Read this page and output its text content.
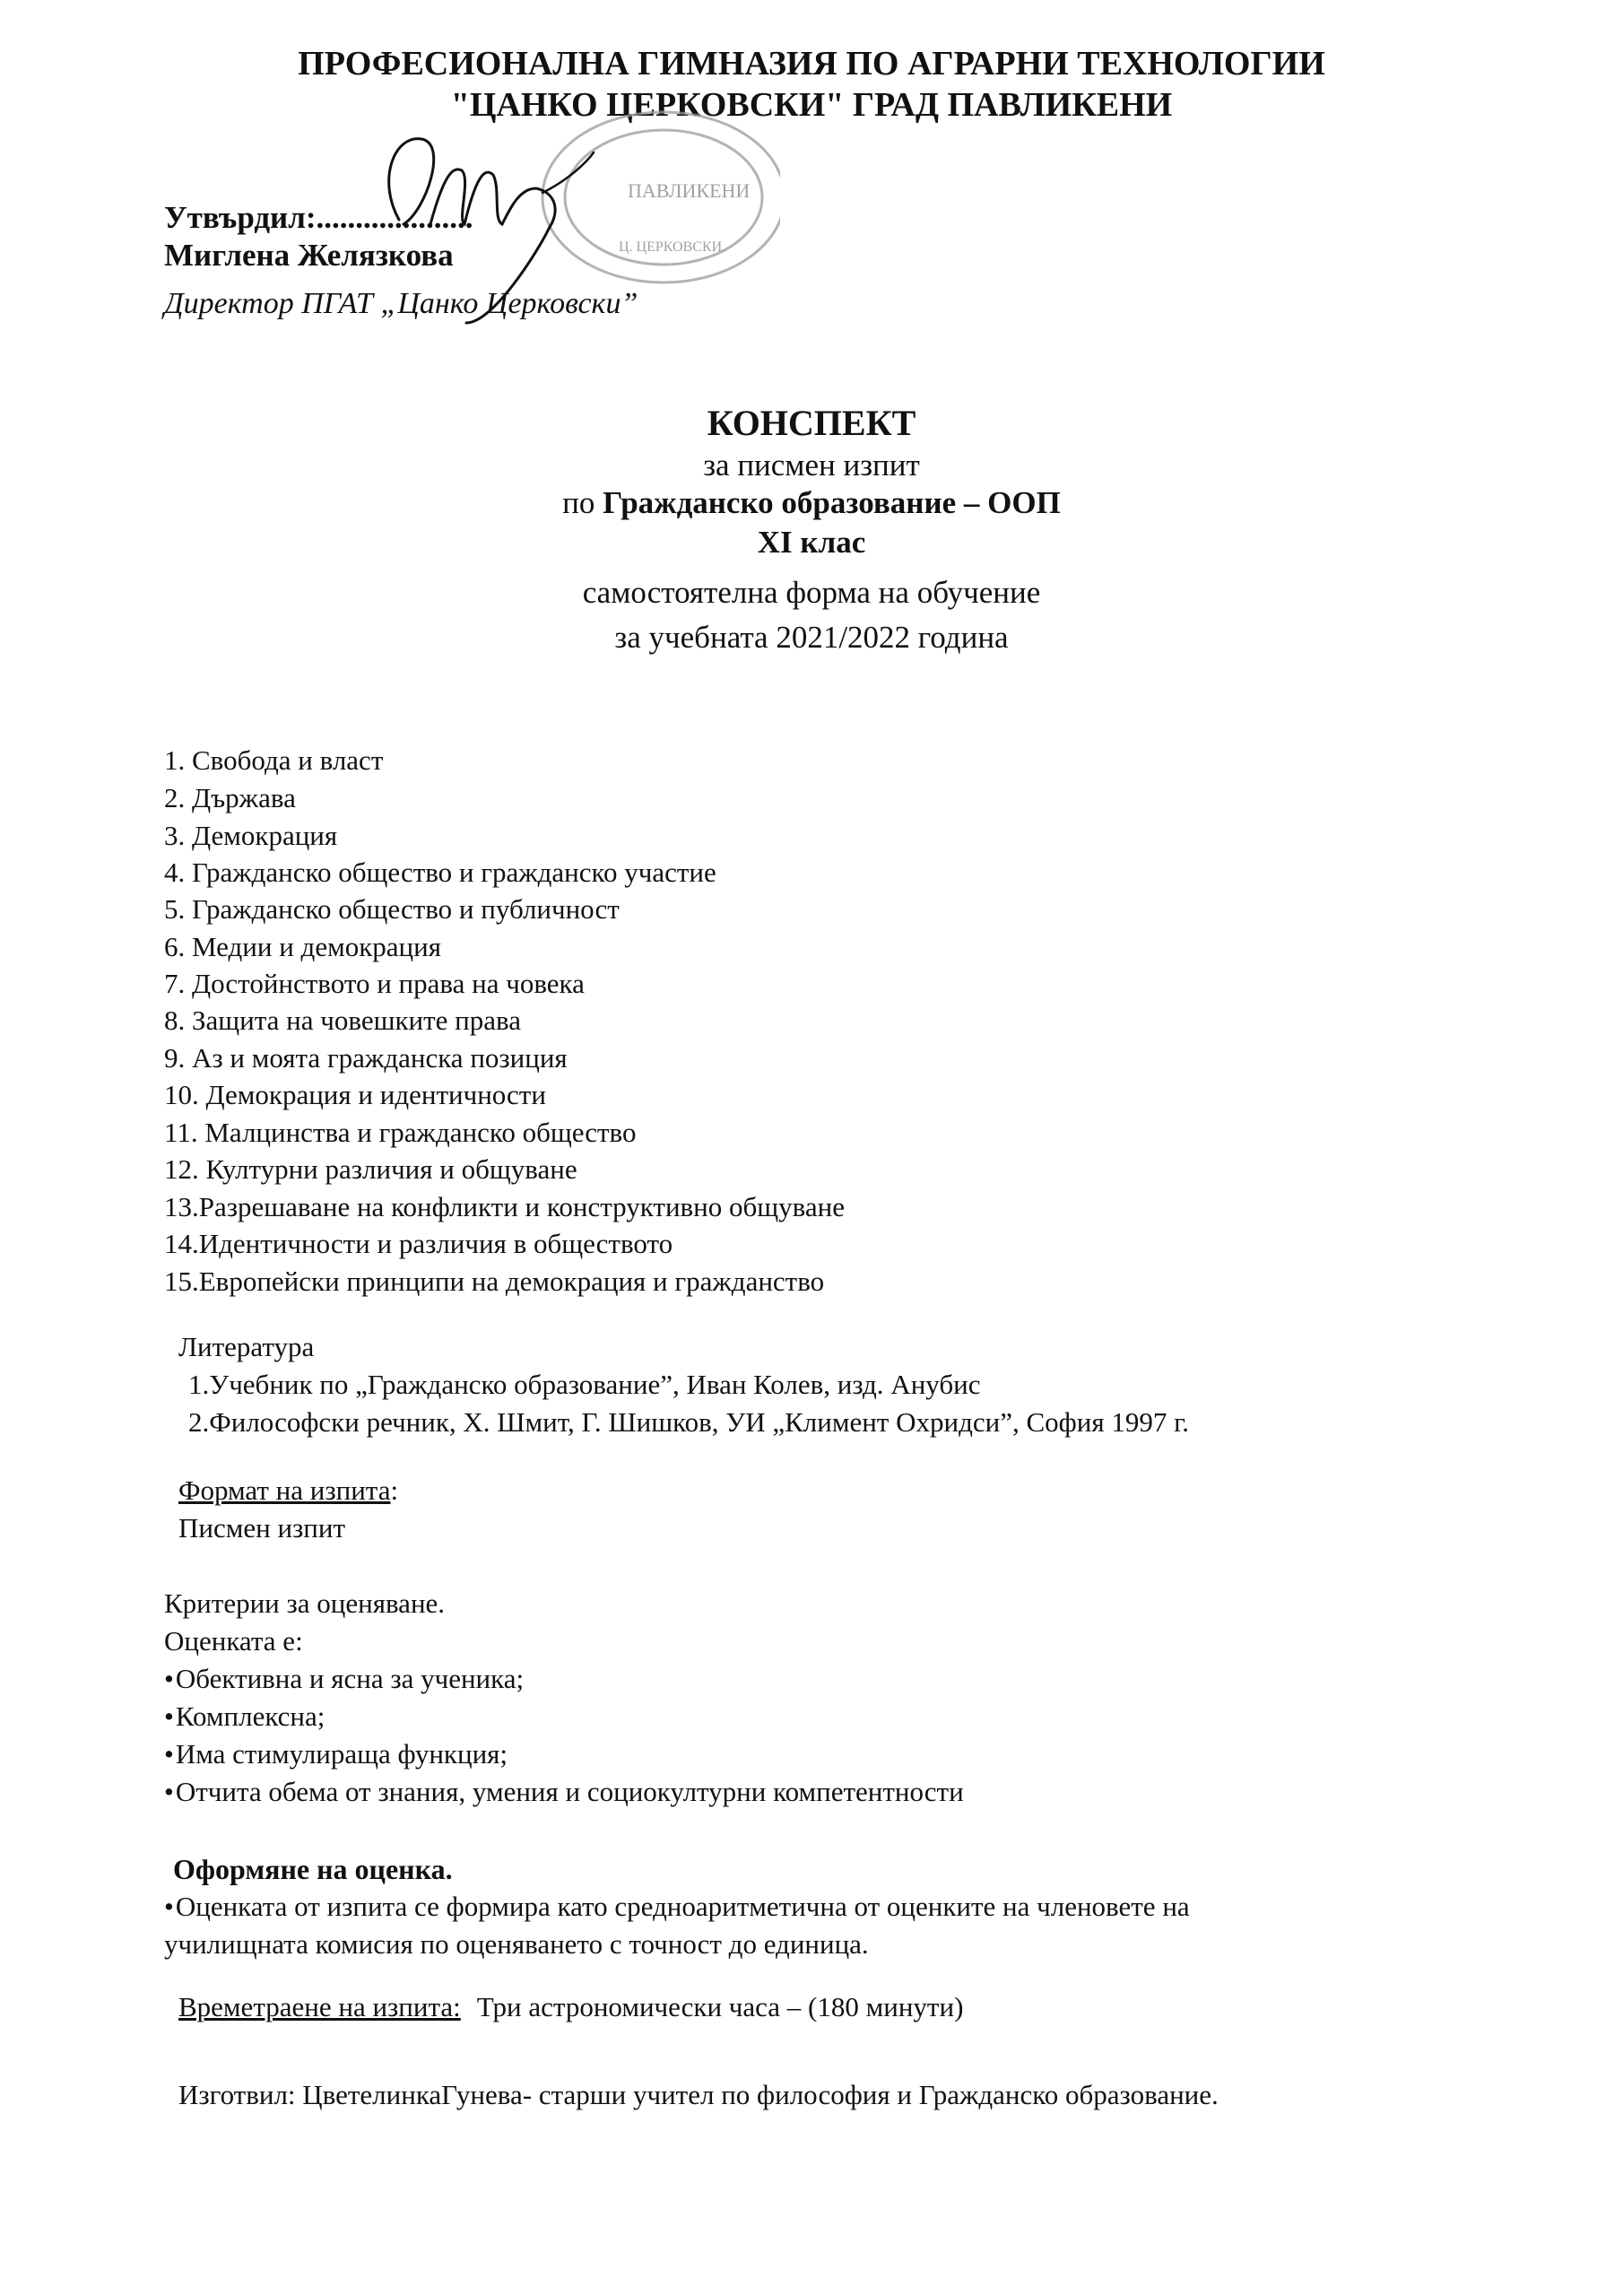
ПРОФЕСИОНАЛНА ГИМНАЗИЯ ПО АГРАРНИ ТЕХНОЛОГИИ
"ЦАНКО ЦЕРКОВСКИ" ГРАД ПАВЛИКЕНИ
ПАВЛИКЕНИ
Ц. ЦЕРКОВСКИ
Утвърдил:....................
Миглена Желязкова
Директор ПГАТ „Цанко Церковски”
КОНСПЕКТ
за писмен изпит
по Гражданско образование – ООП
XI клас
самостоятелна форма на обучение
за учебната 2021/2022 година
1. Свобода и власт
2. Държава
3. Демокрация
4. Гражданско общество и гражданско участие
5. Гражданско общество и публичност
6. Медии и демокрация
7. Достойнството и права на човека
8. Защита на човешките права
9. Аз и моята гражданска позиция
10. Демокрация и идентичности
11. Малцинства и гражданско общество
12. Културни различия и общуване
13.Разрешаване на конфликти и конструктивно общуване
14.Идентичности и различия в обществото
15.Европейски принципи на демокрация и гражданство
Литература
1.Учебник по „Гражданско образование”, Иван Колев, изд. Анубис
2.Философски речник, Х. Шмит, Г. Шишков, УИ „Климент Охридси”, София 1997 г.
Формат на изпита:
Писмен изпит
Критерии за оценяване.
Оценката е:
• Обективна и ясна за ученика;
• Комплексна;
• Има стимулираща функция;
• Отчита обема от знания, умения и социокултурни компетентности
Оформяне на оценка.
• Оценката от изпита се формира като средноаритметична от оценките на членовете на
училищната комисия по оценяването с точност до единица.
Времетраене на изпита: Три астрономически часа – (180 минути)
Изготвил: ЦветелинкаГунева- старши учител по философия и Гражданско образование.
